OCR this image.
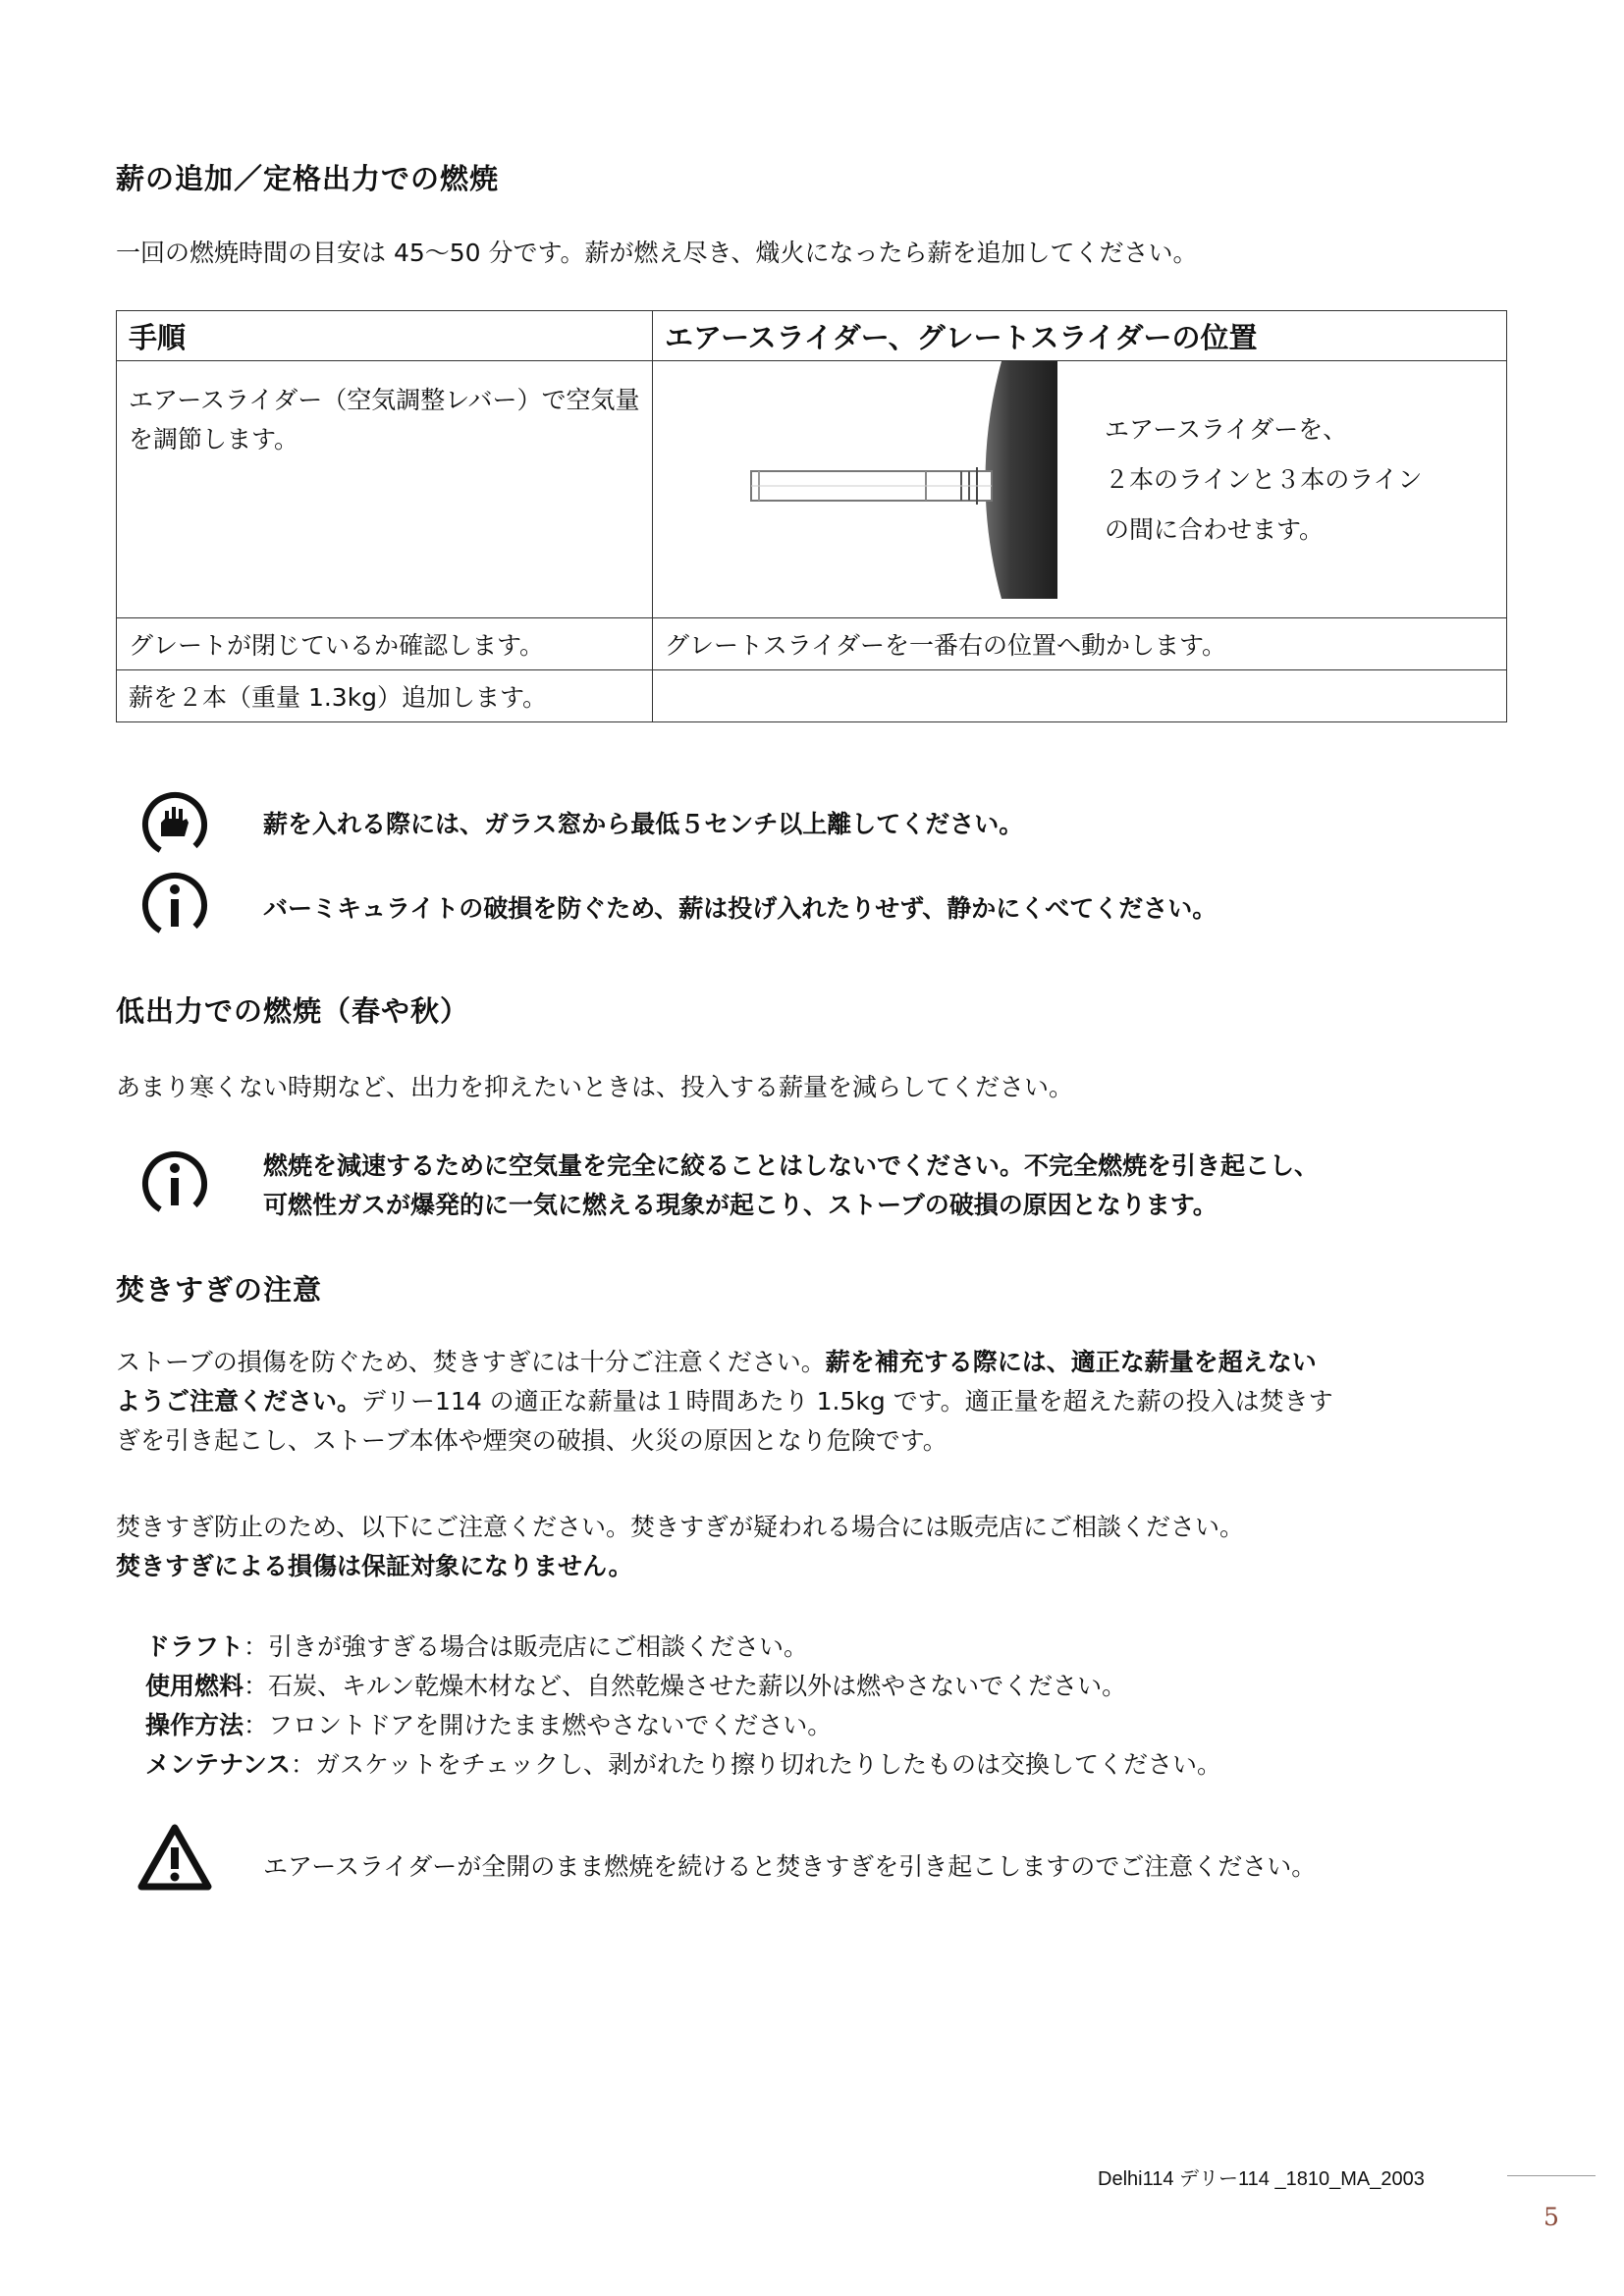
薪の追加／定格出力での燃焼
一回の燃焼時間の目安は 45～50 分です。薪が燃え尽き、熾火になったら薪を追加してください。
手順	エアースライダー、グレートスライダーの位置
エアースライダー（空気調整レバー）で空気量を調節します。	エアースライダーを、
２本のラインと３本のライン
の間に合わせます。

グレートが閉じているか確認します。	グレートスライダーを一番右の位置へ動かします。
薪を２本（重量 1.3kg）追加します。	
薪を入れる際には、ガラス窓から最低５センチ以上離してください。
バーミキュライトの破損を防ぐため、薪は投げ入れたりせず、静かにくべてください。
低出力での燃焼（春や秋）
あまり寒くない時期など、出力を抑えたいときは、投入する薪量を減らしてください。
燃焼を減速するために空気量を完全に絞ることはしないでください。不完全燃焼を引き起こし、
可燃性ガスが爆発的に一気に燃える現象が起こり、ストーブの破損の原因となります。
焚きすぎの注意
ストーブの損傷を防ぐため、焚きすぎには十分ご注意ください。薪を補充する際には、適正な薪量を超えない
ようご注意ください。デリー114 の適正な薪量は１時間あたり 1.5kg です。適正量を超えた薪の投入は焚きす
ぎを引き起こし、ストーブ本体や煙突の破損、火災の原因となり危険です。
焚きすぎ防止のため、以下にご注意ください。焚きすぎが疑われる場合には販売店にご相談ください。
焚きすぎによる損傷は保証対象になりません。
ドラフト：引きが強すぎる場合は販売店にご相談ください。
使用燃料：石炭、キルン乾燥木材など、自然乾燥させた薪以外は燃やさないでください。
操作方法：フロントドアを開けたまま燃やさないでください。
メンテナンス：ガスケットをチェックし、剥がれたり擦り切れたりしたものは交換してください。
エアースライダーが全開のまま燃焼を続けると焚きすぎを引き起こしますのでご注意ください。
Delhi114 デリー114 _1810_MA_2003
5
